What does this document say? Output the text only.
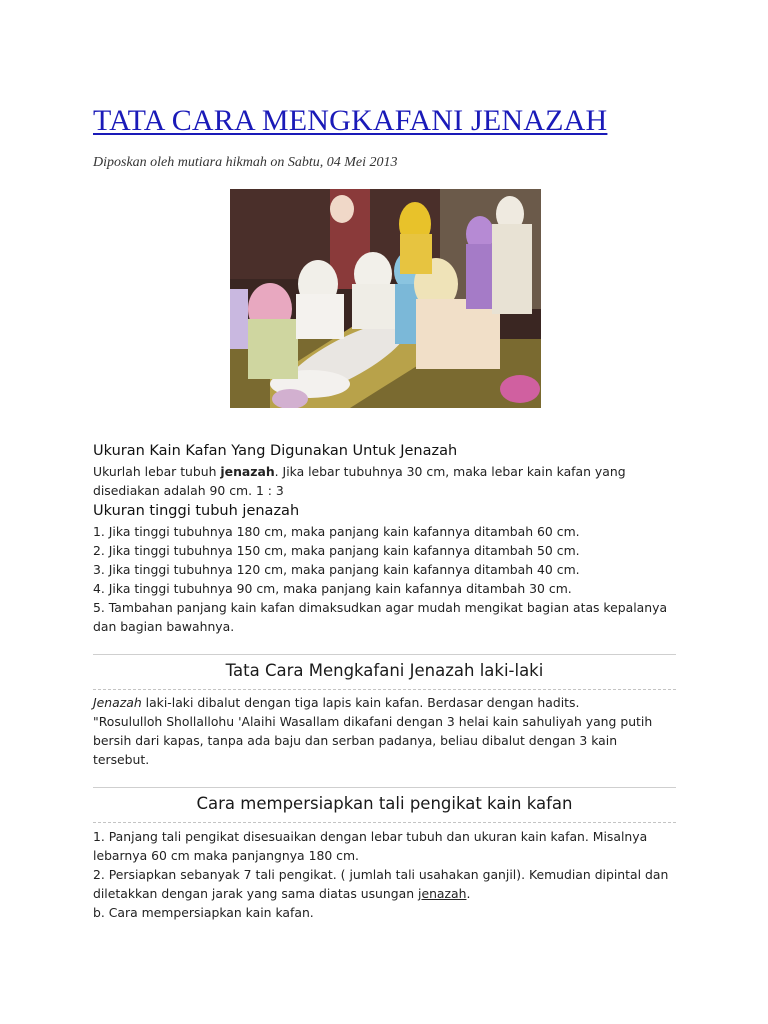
TATA CARA MENGKAFANI JENAZAH
Diposkan oleh mutiara hikmah on Sabtu, 04 Mei 2013
Ukuran Kain Kafan Yang Digunakan Untuk Jenazah
Ukurlah lebar tubuh jenazah. Jika lebar tubuhnya 30 cm, maka lebar kain kafan yang
disediakan adalah 90 cm. 1 : 3
Ukuran tinggi tubuh jenazah
1. Jika tinggi tubuhnya 180 cm, maka panjang kain kafannya ditambah 60 cm.
2. Jika tinggi tubuhnya 150 cm, maka panjang kain kafannya ditambah 50 cm.
3. Jika tinggi tubuhnya 120 cm, maka panjang kain kafannya ditambah 40 cm.
4. Jika tinggi tubuhnya 90 cm, maka panjang kain kafannya ditambah 30 cm.
5. Tambahan panjang kain kafan dimaksudkan agar mudah mengikat bagian atas kepalanya
dan bagian bawahnya.
Tata Cara Mengkafani Jenazah laki-laki
Jenazah laki-laki dibalut dengan tiga lapis kain kafan. Berdasar dengan hadits.
"Rosululloh Shollallohu 'Alaihi Wasallam dikafani dengan 3 helai kain sahuliyah yang putih
bersih dari kapas, tanpa ada baju dan serban padanya, beliau dibalut dengan 3 kain
tersebut.
Cara mempersiapkan tali pengikat kain kafan
1. Panjang tali pengikat disesuaikan dengan lebar tubuh dan ukuran kain kafan. Misalnya
lebarnya 60 cm maka panjangnya 180 cm.
2. Persiapkan sebanyak 7 tali pengikat. ( jumlah tali usahakan ganjil). Kemudian dipintal dan
diletakkan dengan jarak yang sama diatas usungan jenazah.
b. Cara mempersiapkan kain kafan.
